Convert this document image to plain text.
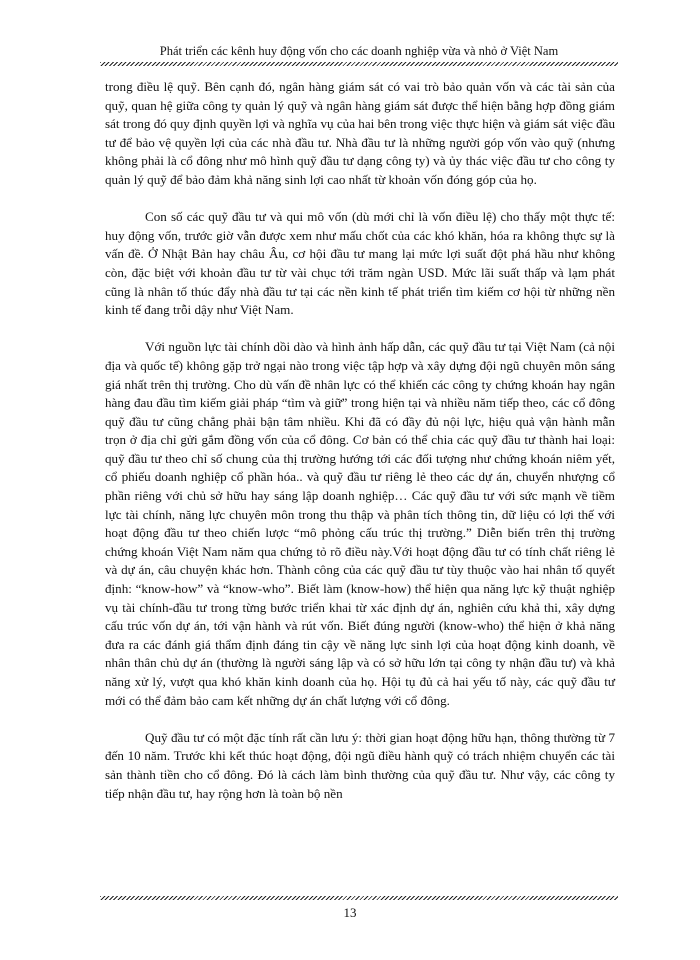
Phát triển các kênh huy động vốn cho các doanh nghiệp vừa và nhỏ ở Việt Nam

trong điều lệ quỹ. Bên cạnh đó, ngân hàng giám sát có vai trò bảo quản vốn và các tài sản của quỹ, quan hệ giữa công ty quản lý quỹ và ngân hàng giám sát được thể hiện bằng hợp đồng giám sát trong đó quy định quyền lợi và nghĩa vụ của hai bên trong việc thực hiện và giám sát việc đầu tư để bảo vệ quyền lợi của các nhà đầu tư. Nhà đầu tư là những người góp vốn vào quỹ (nhưng không phải là cổ đông như mô hình quỹ đầu tư dạng công ty) và ủy thác việc đầu tư cho công ty quản lý quỹ để bảo đảm khả năng sinh lợi cao nhất từ khoản vốn đóng góp của họ.

Con số các quỹ đầu tư và qui mô vốn (dù mới chỉ là vốn điều lệ) cho thấy một thực tế: huy động vốn, trước giờ vẫn được xem như mấu chốt của các khó khăn, hóa ra không thực sự là vấn đề. Ở Nhật Bản hay châu Âu, cơ hội đầu tư mang lại mức lợi suất đột phá hầu như không còn, đặc biệt với khoản đầu tư từ vài chục tới trăm ngàn USD. Mức lãi suất thấp và lạm phát cũng là nhân tố thúc đẩy nhà đầu tư tại các nền kinh tế phát triển tìm kiếm cơ hội từ những nền kinh tế đang trỗi dậy như Việt Nam.

Với nguồn lực tài chính dồi dào và hình ảnh hấp dẫn, các quỹ đầu tư tại Việt Nam (cả nội địa và quốc tế) không gặp trở ngại nào trong việc tập hợp và xây dựng đội ngũ chuyên môn sáng giá nhất trên thị trường. Cho dù vấn đề nhân lực có thể khiến các công ty chứng khoán hay ngân hàng đau đầu tìm kiếm giải pháp “tìm và giữ” trong hiện tại và nhiều năm tiếp theo, các cổ đông quỹ đầu tư cũng chẳng phải bận tâm nhiều. Khi đã có đầy đủ nội lực, hiệu quả vận hành mẫn trọn ở địa chỉ gửi gắm đồng vốn của cổ đông. Cơ bản có thể chia các quỹ đầu tư thành hai loại: quỹ đầu tư theo chỉ số chung của thị trường hướng tới các đối tượng như chứng khoán niêm yết, cổ phiếu doanh nghiệp cổ phần hóa.. và quỹ đầu tư riêng lẻ theo các dự án, chuyển nhượng cổ phần riêng với chủ sở hữu hay sáng lập doanh nghiệp… Các quỹ đầu tư với sức mạnh về tiềm lực tài chính, năng lực chuyên môn trong thu thập và phân tích thông tin, dữ liệu có lợi thế với hoạt động đầu tư theo chiến lược “mô phỏng cấu trúc thị trường.” Diễn biến trên thị trường chứng khoán Việt Nam năm qua chứng tỏ rõ điều này.Với hoạt động đầu tư có tính chất riêng lẻ và dự án, câu chuyện khác hơn. Thành công của các quỹ đầu tư tùy thuộc vào hai nhân tố quyết định: “know-how” và “know-who”. Biết làm (know-how) thể hiện qua năng lực kỹ thuật nghiệp vụ tài chính-đầu tư trong từng bước triển khai từ xác định dự án, nghiên cứu khả thi, xây dựng cấu trúc vốn dự án, tới vận hành và rút vốn. Biết đúng người (know-who) thể hiện ở khả năng đưa ra các đánh giá thẩm định đáng tin cậy về năng lực sinh lợi của hoạt động kinh doanh, về nhân thân chủ dự án (thường là người sáng lập và có sở hữu lớn tại công ty nhận đầu tư) và khả năng xử lý, vượt qua khó khăn kinh doanh của họ. Hội tụ đủ cả hai yếu tố này, các quỹ đầu tư mới có thể đảm bảo cam kết những dự án chất lượng với cổ đông.

Quỹ đầu tư có một đặc tính rất cần lưu ý: thời gian hoạt động hữu hạn, thông thường từ 7 đến 10 năm. Trước khi kết thúc hoạt động, đội ngũ điều hành quỹ có trách nhiệm chuyển các tài sản thành tiền cho cổ đông. Đó là cách làm bình thường của quỹ đầu tư. Như vậy, các công ty tiếp nhận đầu tư, hay rộng hơn là toàn bộ nền

13
